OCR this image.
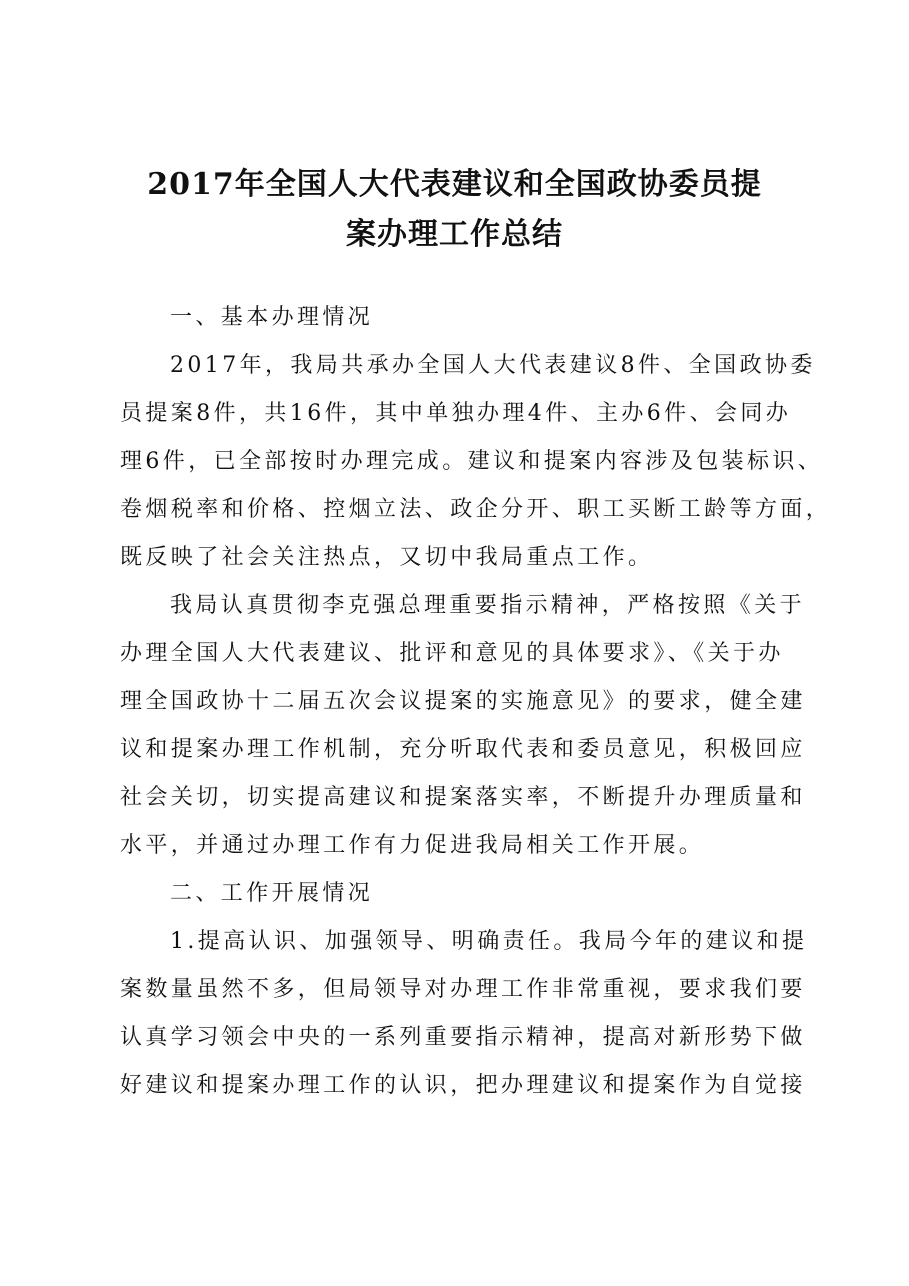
2017年全国人大代表建议和全国政协委员提
案办理工作总结
一、基本办理情况
2017年，我局共承办全国人大代表建议8件、全国政协委
员提案8件，共16件，其中单独办理4件、主办6件、会同办
理6件，已全部按时办理完成。建议和提案内容涉及包装标识、
卷烟税率和价格、控烟立法、政企分开、职工买断工龄等方面，
既反映了社会关注热点，又切中我局重点工作。
我局认真贯彻李克强总理重要指示精神，严格按照《关于
办理全国人大代表建议、批评和意见的具体要求》、《关于办
理全国政协十二届五次会议提案的实施意见》的要求，健全建
议和提案办理工作机制，充分听取代表和委员意见，积极回应
社会关切，切实提高建议和提案落实率，不断提升办理质量和
水平，并通过办理工作有力促进我局相关工作开展。
二、工作开展情况
1.提高认识、加强领导、明确责任。我局今年的建议和提
案数量虽然不多，但局领导对办理工作非常重视，要求我们要
认真学习领会中央的一系列重要指示精神，提高对新形势下做
好建议和提案办理工作的认识，把办理建议和提案作为自觉接
